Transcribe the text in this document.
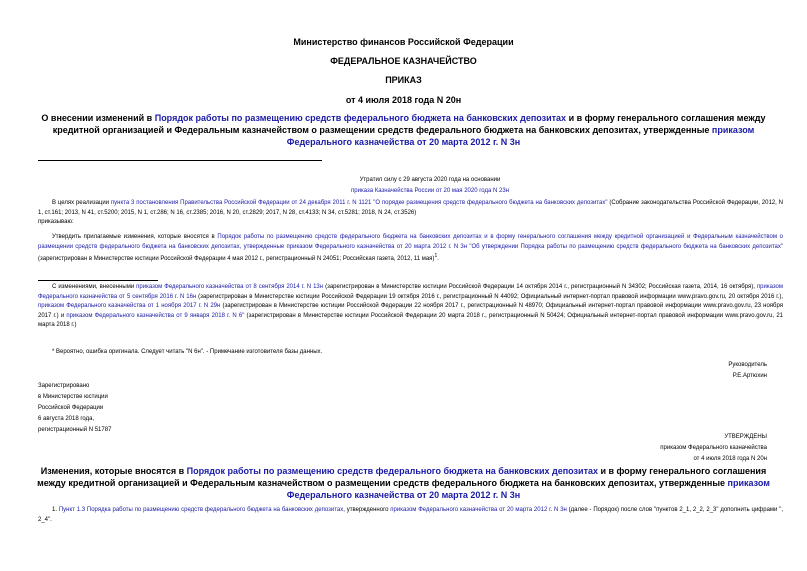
Министерство финансов Российской Федерации
ФЕДЕРАЛЬНОЕ КАЗНАЧЕЙСТВО
ПРИКАЗ
от 4 июля 2018 года N 20н
О внесении изменений в Порядок работы по размещению средств федерального бюджета на банковских депозитах и в форму генерального соглашения между кредитной организацией и Федеральным казначейством о размещении средств федерального бюджета на банковских депозитах, утвержденные приказом Федерального казначейства от 20 марта 2012 г. N 3н
Утратил силу с 29 августа 2020 года на основании
приказа Казначейства России от 20 мая 2020 года N 23н
В целях реализации пункта 3 постановления Правительства Российской Федерации от 24 декабря 2011 г. N 1121 "О порядке размещения средств федерального бюджета на банковских депозитах" (Собрание законодательства Российской Федерации, 2012, N 1, ст.161; 2013, N 41, ст.5200; 2015, N 1, ст.286; N 16, ст.2385; 2016, N 20, ст.2829; 2017, N 28, ст.4133; N 34, ст.5281; 2018, N 24, ст.3526)
приказываю:
Утвердить прилагаемые изменения, которые вносятся в Порядок работы по размещению средств федерального бюджета на банковских депозитах и в форму генерального соглашения между кредитной организацией и Федеральным казначейством о размещении средств федерального бюджета на банковских депозитах, утвержденные приказом Федерального казначейства от 20 марта 2012 г. N 3н "Об утверждении Порядка работы по размещению средств федерального бюджета на банковских депозитах" (зарегистрирован в Министерстве юстиции Российской Федерации 4 мая 2012 г., регистрационный N 24051; Российская газета, 2012, 11 мая)$^1$.
С изменениями, внесенными приказом Федерального казначейства от 8 сентября 2014 г. N 13н (зарегистрирован в Министерстве юстиции Российской Федерации 14 октября 2014 г., регистрационный N 34302; Российская газета, 2014, 16 октября), приказом Федерального казначейства от 5 сентября 2016 г. N 16н (зарегистрирован в Министерстве юстиции Российской Федерации 19 октября 2016 г., регистрационный N 44092; Официальный интернет-портал правовой информации www.pravo.gov.ru, 20 октября 2016 г.), приказом Федерального казначейства от 1 ноября 2017 г. N 29н (зарегистрирован в Министерстве юстиции Российской Федерации 22 ноября 2017 г., регистрационный N 48970; Официальный интернет-портал правовой информации www.pravo.gov.ru, 23 ноября 2017 г.) и приказом Федерального казначейства от 9 января 2018 г. N 6" (зарегистрирован в Министерстве юстиции Российской Федерации 20 марта 2018 г., регистрационный N 50424; Официальный интернет-портал правовой информации www.pravo.gov.ru, 21 марта 2018 г.)
* Вероятно, ошибка оригинала. Следует читать "N 6н". - Примечание изготовителя базы данных.
Руководитель
Р.Е.Артюхин
Зарегистрировано
в Министерстве юстиции
Российской Федерации
6 августа 2018 года,
регистрационный N 51787
УТВЕРЖДЕНЫ
приказом Федерального казначейства
от 4 июля 2018 года N 20н
Изменения, которые вносятся в Порядок работы по размещению средств федерального бюджета на банковских депозитах и в форму генерального соглашения между кредитной организацией и Федеральным казначейством о размещении средств федерального бюджета на банковских депозитах, утвержденные приказом Федерального казначейства от 20 марта 2012 г. N 3н
1. Пункт 1.3 Порядка работы по размещению средств федерального бюджета на банковских депозитах, утвержденного приказом Федерального казначейства от 20 марта 2012 г. N 3н (далее - Порядок) после слов "пунктов 2_1, 2_2, 2_3" дополнить цифрами ", 2_4".
